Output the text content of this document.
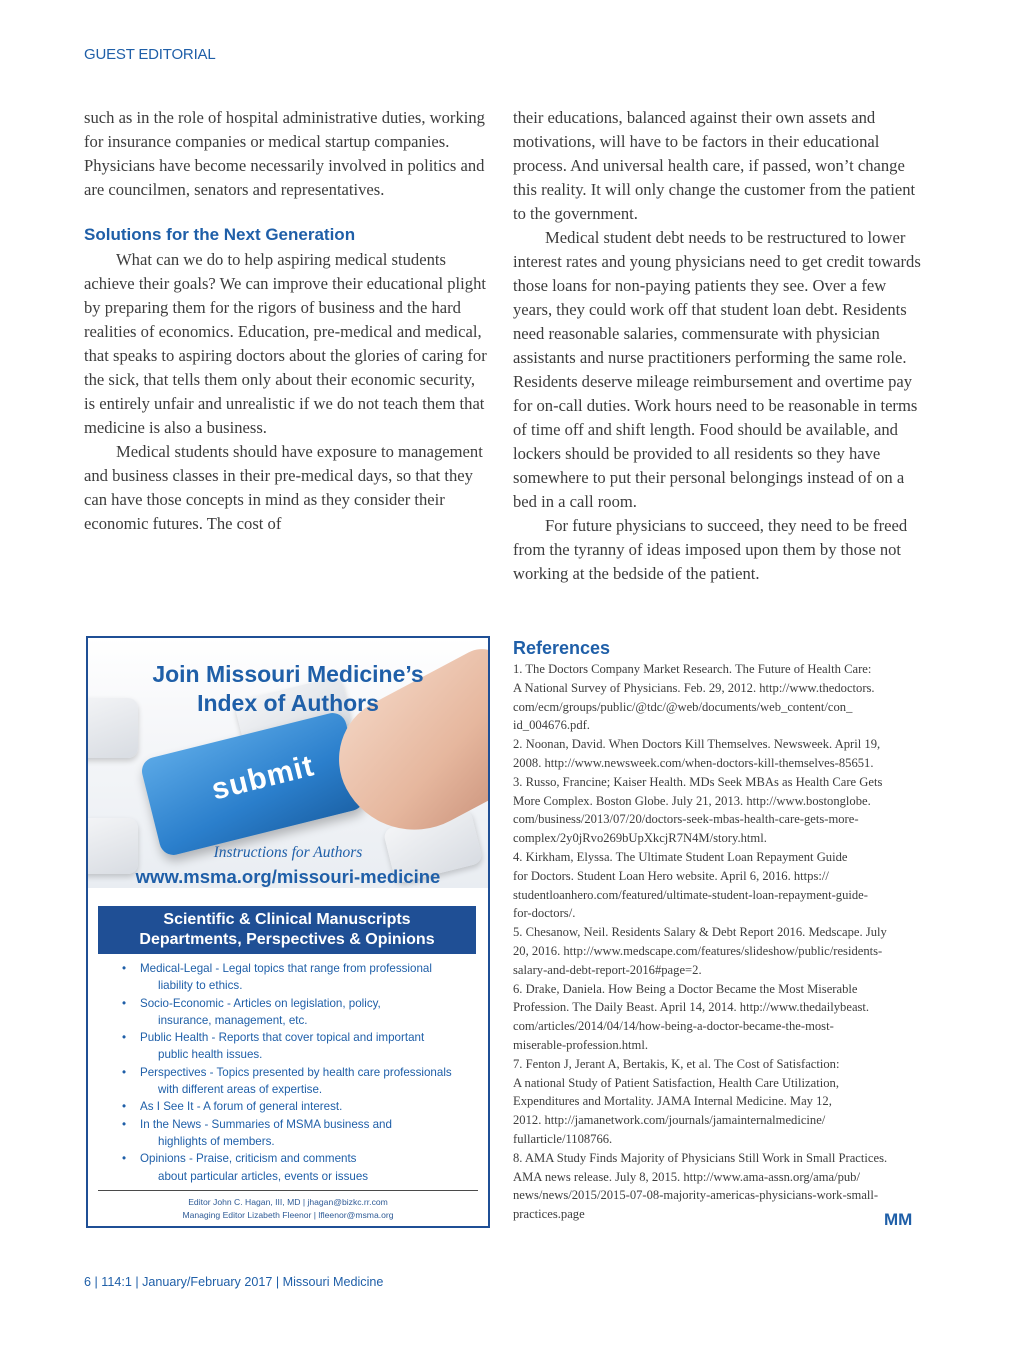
GUEST EDITORIAL

such as in the role of hospital administrative duties, working for insurance companies or medical startup companies. Physicians have become necessarily involved in politics and are councilmen, senators and representatives.

Solutions for the Next Generation

What can we do to help aspiring medical students achieve their goals? We can improve their educational plight by preparing them for the rigors of business and the hard realities of economics. Education, pre-medical and medical, that speaks to aspiring doctors about the glories of caring for the sick, that tells them only about their economic security, is entirely unfair and unrealistic if we do not teach them that medicine is also a business.

Medical students should have exposure to management and business classes in their pre-medical days, so that they can have those concepts in mind as they consider their economic futures. The cost of

their educations, balanced against their own assets and motivations, will have to be factors in their educational process. And universal health care, if passed, won’t change this reality. It will only change the customer from the patient to the government.

Medical student debt needs to be restructured to lower interest rates and young physicians need to get credit towards those loans for non-paying patients they see. Over a few years, they could work off that student loan debt. Residents need reasonable salaries, commensurate with physician assistants and nurse practitioners performing the same role. Residents deserve mileage reimbursement and overtime pay for on-call duties. Work hours need to be reasonable in terms of time off and shift length. Food should be available, and lockers should be provided to all residents so they have somewhere to put their personal belongings instead of on a bed in a call room.

For future physicians to succeed, they need to be freed from the tyranny of ideas imposed upon them by those not working at the bedside of the patient.

submit
Join Missouri Medicine’s
Index of Authors
Instructions for Authors
www.msma.org/missouri-medicine
Scientific & Clinical Manuscripts
Departments, Perspectives & Opinions
• Medical-Legal - Legal topics that range from professional
liability to ethics.
• Socio-Economic - Articles on legislation, policy,
insurance, management, etc.
• Public Health - Reports that cover topical and important
public health issues.
• Perspectives - Topics presented by health care professionals
with different areas of expertise.
• As I See It - A forum of general interest.
• In the News - Summaries of MSMA business and
highlights of members.
• Opinions - Praise, criticism and comments
about particular articles, events or issues
Editor John C. Hagan, III, MD | jhagan@bizkc.rr.com
Managing Editor Lizabeth Fleenor | lfleenor@msma.org
References

1. The Doctors Company Market Research. The Future of Health Care:
A National Survey of Physicians. Feb. 29, 2012. http://www.thedoctors.
com/ecm/groups/public/@tdc/@web/documents/web_content/con_
id_004676.pdf.

2. Noonan, David. When Doctors Kill Themselves. Newsweek. April 19,
2008. http://www.newsweek.com/when-doctors-kill-themselves-85651.

3. Russo, Francine; Kaiser Health. MDs Seek MBAs as Health Care Gets
More Complex. Boston Globe. July 21, 2013. http://www.bostonglobe.
com/business/2013/07/20/doctors-seek-mbas-health-care-gets-more-
complex/2y0jRvo269bUpXkcjR7N4M/story.html.

4. Kirkham, Elyssa. The Ultimate Student Loan Repayment Guide
for Doctors. Student Loan Hero website. April 6, 2016. https://
studentloanhero.com/featured/ultimate-student-loan-repayment-guide-
for-doctors/.

5. Chesanow, Neil. Residents Salary & Debt Report 2016. Medscape. July
20, 2016. http://www.medscape.com/features/slideshow/public/residents-
salary-and-debt-report-2016#page=2.

6. Drake, Daniela. How Being a Doctor Became the Most Miserable
Profession. The Daily Beast. April 14, 2014. http://www.thedailybeast.
com/articles/2014/04/14/how-being-a-doctor-became-the-most-
miserable-profession.html.

7. Fenton J, Jerant A, Bertakis, K, et al. The Cost of Satisfaction:
A national Study of Patient Satisfaction, Health Care Utilization,
Expenditures and Mortality. JAMA Internal Medicine. May 12,
2012. http://jamanetwork.com/journals/jamainternalmedicine/
fullarticle/1108766.

8. AMA Study Finds Majority of Physicians Still Work in Small Practices.
AMA news release. July 8, 2015. http://www.ama-assn.org/ama/pub/
news/news/2015/2015-07-08-majority-americas-physicians-work-small-
practices.page	MM
6 | 114:1 | January/February 2017 | Missouri Medicine
